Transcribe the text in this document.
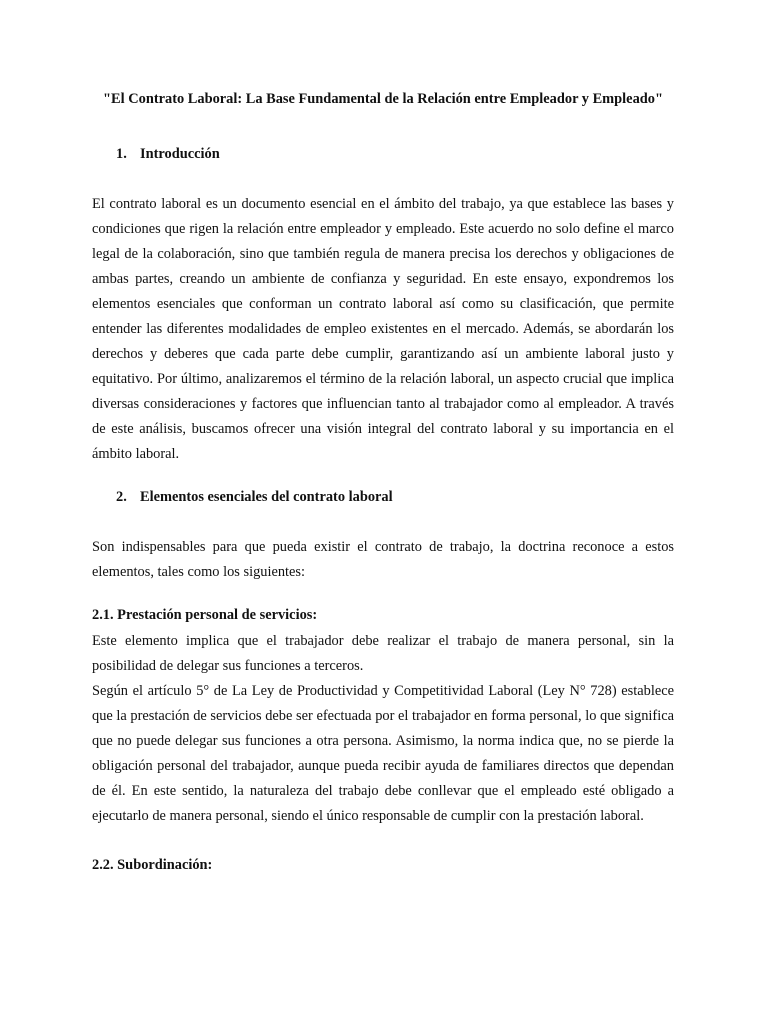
"El Contrato Laboral: La Base Fundamental de la Relación entre Empleador y Empleado"

1. Introducción

El contrato laboral es un documento esencial en el ámbito del trabajo, ya que establece las bases y condiciones que rigen la relación entre empleador y empleado. Este acuerdo no solo define el marco legal de la colaboración, sino que también regula de manera precisa los derechos y obligaciones de ambas partes, creando un ambiente de confianza y seguridad. En este ensayo, expondremos los elementos esenciales que conforman un contrato laboral así como su clasificación, que permite entender las diferentes modalidades de empleo existentes en el mercado. Además, se abordarán los derechos y deberes que cada parte debe cumplir, garantizando así un ambiente laboral justo y equitativo. Por último, analizaremos el término de la relación laboral, un aspecto crucial que implica diversas consideraciones y factores que influencian tanto al trabajador como al empleador. A través de este análisis, buscamos ofrecer una visión integral del contrato laboral y su importancia en el ámbito laboral.

2. Elementos esenciales del contrato laboral

Son indispensables para que pueda existir el contrato de trabajo, la doctrina reconoce a estos elementos, tales como los siguientes:

2.1. Prestación personal de servicios:

Este elemento implica que el trabajador debe realizar el trabajo de manera personal, sin la posibilidad de delegar sus funciones a terceros.

Según el artículo 5° de La Ley de Productividad y Competitividad Laboral (Ley N° 728) establece que la prestación de servicios debe ser efectuada por el trabajador en forma personal, lo que significa que no puede delegar sus funciones a otra persona. Asimismo, la norma indica que, no se pierde la obligación personal del trabajador, aunque pueda recibir ayuda de familiares directos que dependan de él. En este sentido, la naturaleza del trabajo debe conllevar que el empleado esté obligado a ejecutarlo de manera personal, siendo el único responsable de cumplir con la prestación laboral.

2.2. Subordinación:
